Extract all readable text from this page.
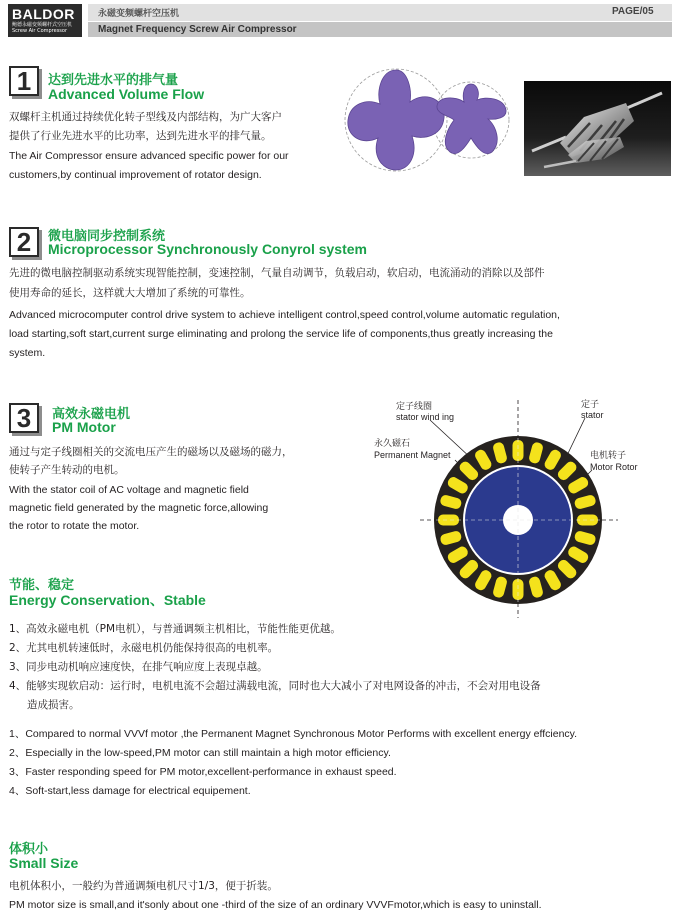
BALDOR
鲍德永磁变频螺杆式空压机
Screw Air Compressor
永磁变频螺杆空压机	PAGE/05
Magnet Frequency Screw Air Compressor
1	达到先进水平的排气量
Advanced Volume Flow
双螺杆主机通过持续优化转子型线及内部结构，为广大客户
提供了行业先进水平的比功率，达到先进水平的排气量。
The Air Compressor ensure advanced specific power for our
customers,by continual improvement of rotator design.
2	微电脑同步控制系统
Microprocessor Synchronously Conyrol system
先进的微电脑控制驱动系统实现智能控制，变速控制，气量自动调节，负载启动，软启动，电流涌动的消除以及部件
使用寿命的延长，这样就大大增加了系统的可靠性。
Advanced microcomputer control drive system to achieve intelligent control,speed control,volume automatic regulation,
load starting,soft start,current surge eliminating and prolong the service life of components,thus greatly increasing the
system.
3	高效永磁电机
PM Motor
通过与定子线圈相关的交流电压产生的磁场以及磁场的磁力，
使转子产生转动的电机。
With the stator coil of AC voltage and magnetic field
magnetic field generated by the magnetic force,allowing
the rotor to rotate the motor.
定子线圈
stator wind ing
定子
stator
永久磁石
Permanent Magnet	电机转子
Motor Rotor
节能、稳定
Energy Conservation、Stable
1、高效永磁电机（PM电机），与普通调频主机相比，节能性能更优越。
2、尤其电机转速低时，永磁电机仍能保持很高的电机率。
3、同步电动机响应速度快，在排气响应度上表现卓越。
4、能够实现软启动：运行时，电机电流不会超过满载电流，同时也大大减小了对电网设备的冲击，不会对用电设备
造成损害。
1、Compared to normal VVVf motor ,the Permanent Magnet Synchronous Motor Performs with excellent energy effciency.
2、Especially in the low-speed,PM motor can still maintain a high motor efficiency.
3、Faster responding speed for PM motor,excellent-performance in exhaust speed.
4、Soft-start,less damage for electrical equipement.
体积小
Small Size
电机体积小，一般约为普通调频电机尺寸1/3，便于折装。
PM motor size is small,and it'sonly about one -third of the size of an ordinary VVVFmotor,which is easy to uninstall.
